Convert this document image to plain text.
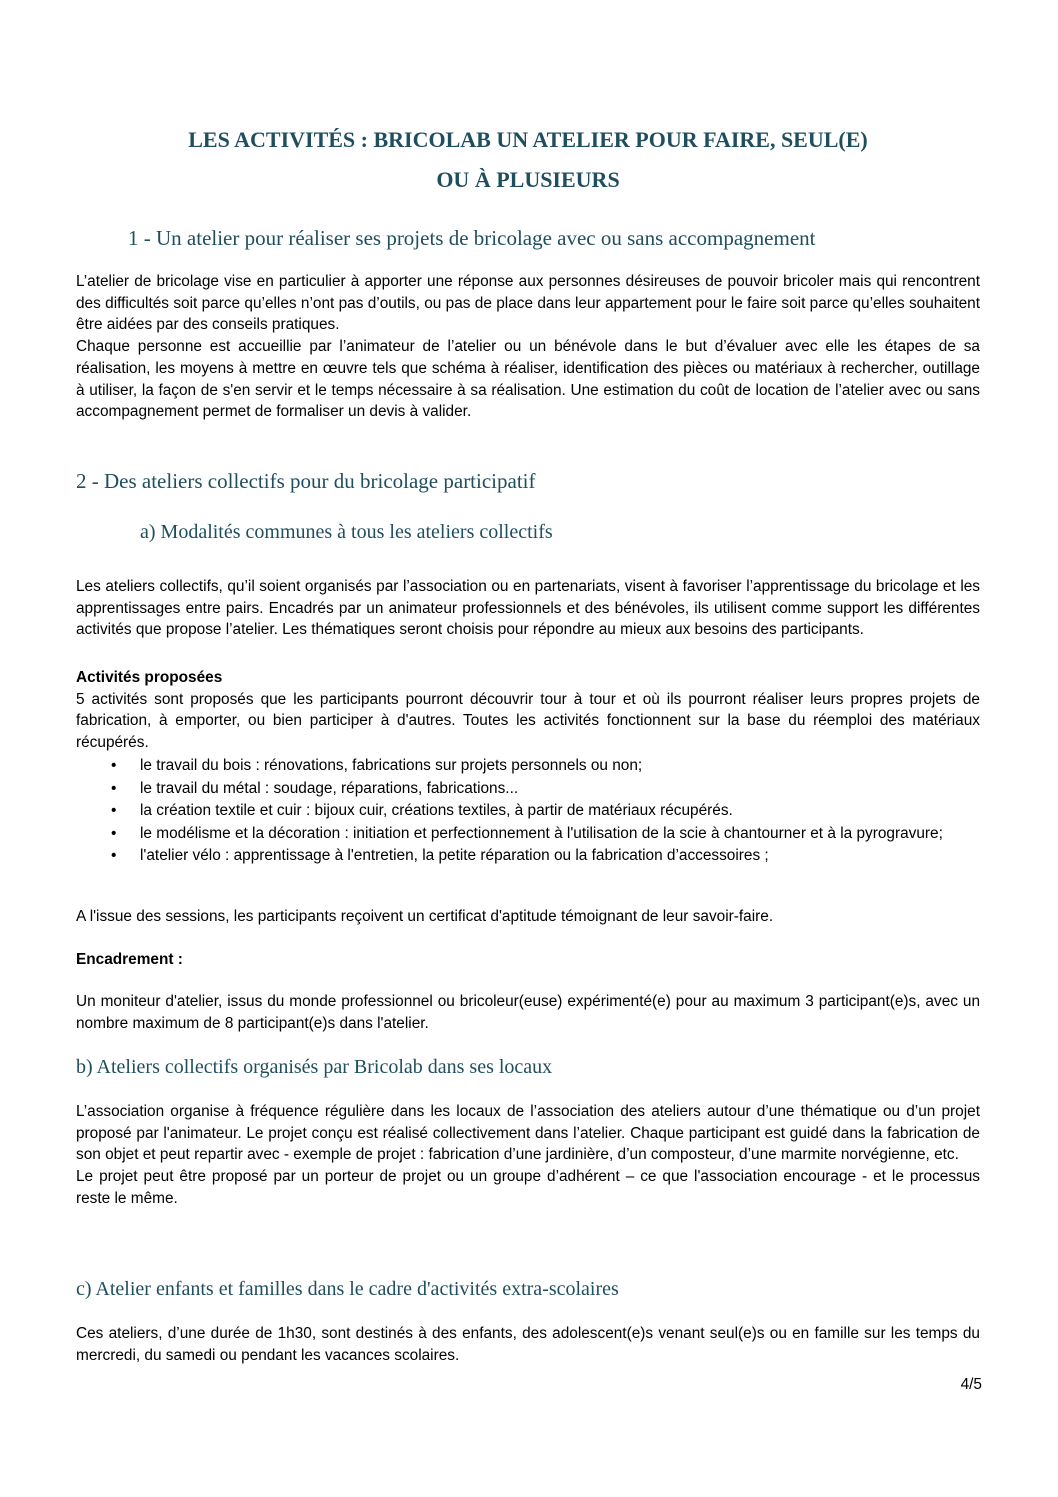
LES ACTIVITÉS : BRICOLAB UN ATELIER POUR FAIRE, SEUL(E)
OU À PLUSIEURS
1 - Un atelier pour réaliser ses projets de bricolage avec ou sans accompagnement

L’atelier de bricolage vise en particulier à apporter une réponse aux personnes désireuses de pouvoir bricoler mais qui rencontrent des difficultés soit parce qu’elles n’ont pas d’outils, ou pas de place dans leur appartement pour le faire soit parce qu’elles souhaitent être aidées par des conseils pratiques.

Chaque personne est accueillie par l’animateur de l’atelier ou un bénévole dans le but d’évaluer avec elle les étapes de sa réalisation, les moyens à mettre en œuvre tels que schéma à réaliser, identification des pièces ou matériaux à rechercher, outillage à utiliser, la façon de s'en servir et le temps nécessaire à sa réalisation. Une estimation du coût de location de l’atelier avec ou sans accompagnement permet de formaliser un devis à valider.

2 - Des ateliers collectifs pour du bricolage participatif
a) Modalités communes à tous les ateliers collectifs
Les ateliers collectifs, qu’il soient organisés par l’association ou en partenariats, visent à favoriser l’apprentissage du bricolage et les apprentissages entre pairs. Encadrés par un animateur professionnels et des bénévoles, ils utilisent comme support les différentes activités que propose l’atelier. Les thématiques seront choisis pour répondre au mieux aux besoins des participants.

Activités proposées

5 activités sont proposés que les participants pourront découvrir tour à tour et où ils pourront réaliser leurs propres projets de fabrication, à emporter, ou bien participer à d'autres. Toutes les activités fonctionnent sur la base du réemploi des matériaux récupérés.

• le travail du bois : rénovations, fabrications sur projets personnels ou non;
• le travail du métal : soudage, réparations, fabrications...
• la création textile et cuir : bijoux cuir, créations textiles, à partir de matériaux récupérés.
• le modélisme et la décoration : initiation et perfectionnement à l'utilisation de la scie à chantourner et à la pyrogravure;
• l'atelier vélo : apprentissage à l'entretien, la petite réparation ou la fabrication d’accessoires ;
A l'issue des sessions, les participants reçoivent un certificat d'aptitude témoignant de leur savoir-faire.
Encadrement :
Un moniteur d'atelier, issus du monde professionnel ou bricoleur(euse) expérimenté(e) pour au maximum 3 participant(e)s, avec un nombre maximum de 8 participant(e)s dans l'atelier.
b) Ateliers collectifs organisés par Bricolab dans ses locaux

L’association organise à fréquence régulière dans les locaux de l’association des ateliers autour d’une thématique ou d’un projet proposé par l'animateur. Le projet conçu est réalisé collectivement dans l’atelier. Chaque participant est guidé dans la fabrication de son objet et peut repartir avec - exemple de projet : fabrication d’une jardinière, d’un composteur, d’une marmite norvégienne, etc.

Le projet peut être proposé par un porteur de projet ou un groupe d’adhérent – ce que l'association encourage - et le processus reste le même.

c) Atelier enfants et familles dans le cadre d'activités extra-scolaires
Ces ateliers, d’une durée de 1h30, sont destinés à des enfants, des adolescent(e)s venant seul(e)s ou en famille sur les temps du mercredi, du samedi ou pendant les vacances scolaires.
4/5
